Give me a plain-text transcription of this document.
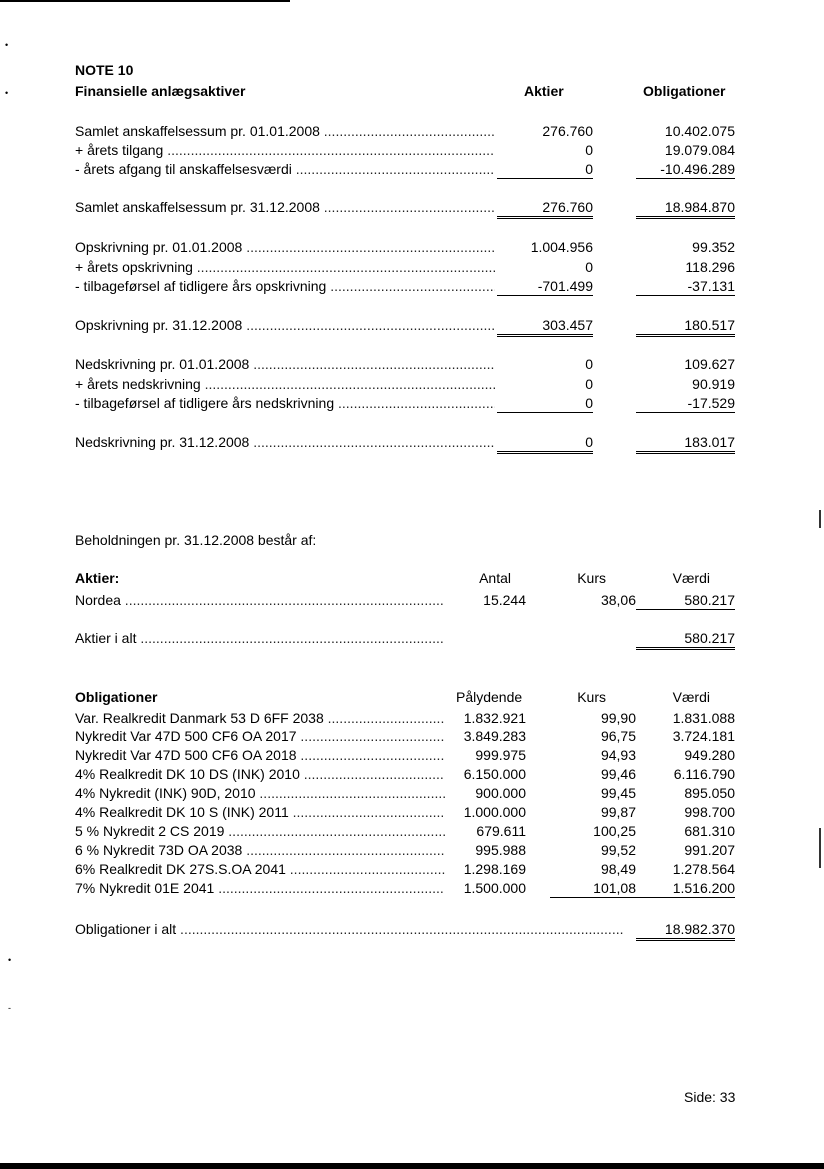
•
•
•
-
NOTE 10
Finansielle anlægsaktiver	Aktier	Obligationer
Samlet anskaffelsessum pr. 01.01.2008 .....	276.760	10.402.075
+ årets tilgang .....	0	19.079.084
- årets afgang til anskaffelsesværdi .....	0	-10.496.289
Samlet anskaffelsessum pr. 31.12.2008 .....	276.760	18.984.870
Opskrivning pr. 01.01.2008 .....	1.004.956	99.352
+ årets opskrivning .....	0	118.296
- tilbageførsel af tidligere års opskrivning .....	-701.499	-37.131
Opskrivning pr. 31.12.2008 .....	303.457	180.517
Nedskrivning pr. 01.01.2008 .....	0	109.627
+ årets nedskrivning .....	0	90.919
- tilbageførsel af tidligere års nedskrivning .....	0	-17.529
Nedskrivning pr. 31.12.2008 .....	0	183.017
Beholdningen pr. 31.12.2008 består af:
Aktier:	Antal	Kurs	Værdi
Nordea .....	15.244	38,06	580.217
Aktier i alt .....	580.217
Obligationer	Pålydende	Kurs	Værdi
Var. Realkredit Danmark 53 D 6FF 2038 .....	1.832.921	99,90	1.831.088
Nykredit Var 47D 500 CF6 OA 2017 .....	3.849.283	96,75	3.724.181
Nykredit Var 47D 500 CF6 OA 2018 .....	999.975	94,93	949.280
4% Realkredit DK 10 DS (INK) 2010 .....	6.150.000	99,46	6.116.790
4% Nykredit (INK) 90D, 2010 .....	900.000	99,45	895.050
4% Realkredit DK 10 S (INK) 2011 .....	1.000.000	99,87	998.700
5 % Nykredit 2 CS 2019 .....	679.611	100,25	681.310
6 % Nykredit 73D OA 2038 .....	995.988	99,52	991.207
6% Realkredit DK 27S.S.OA 2041 .....	1.298.169	98,49	1.278.564
7% Nykredit 01E 2041 .....	1.500.000	101,08	1.516.200
Obligationer i alt .....	18.982.370
Side: 33
